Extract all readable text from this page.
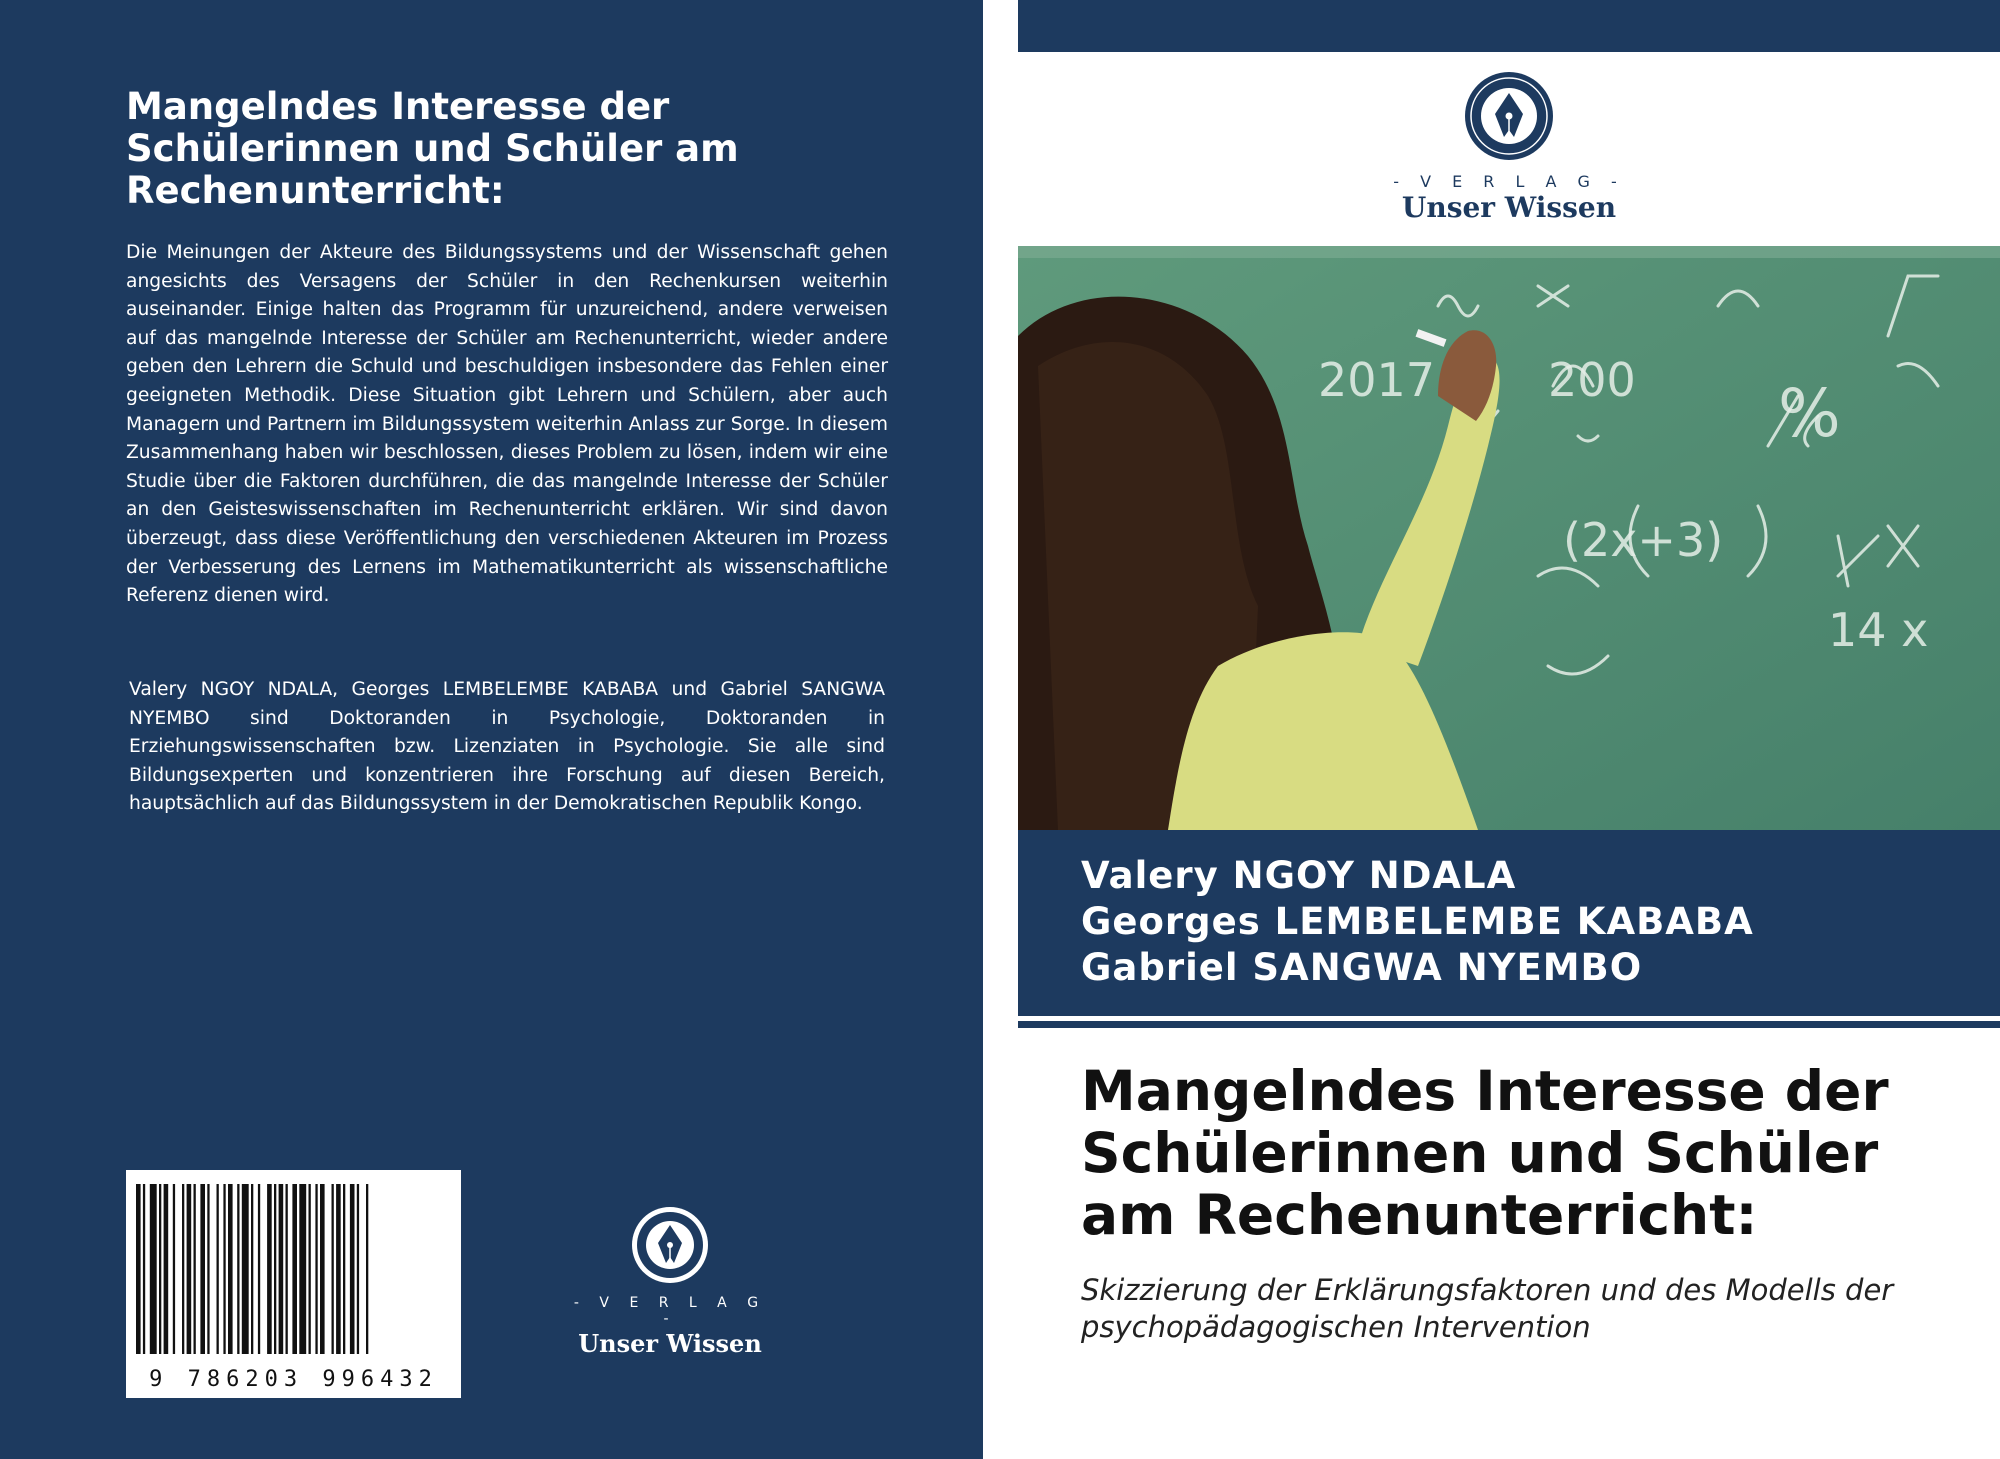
Mangelndes Interesse der Schülerinnen und Schüler am Rechenunterricht:

Die Meinungen der Akteure des Bildungssystems und der Wissenschaft gehen angesichts des Versagens der Schüler in den Rechenkursen weiterhin auseinander. Einige halten das Programm für unzureichend, andere verweisen auf das mangelnde Interesse der Schüler am Rechenunterricht, wieder andere geben den Lehrern die Schuld und beschuldigen insbesondere das Fehlen einer geeigneten Methodik. Diese Situation gibt Lehrern und Schülern, aber auch Managern und Partnern im Bildungssystem weiterhin Anlass zur Sorge. In diesem Zusammenhang haben wir beschlossen, dieses Problem zu lösen, indem wir eine Studie über die Faktoren durchführen, die das mangelnde Interesse der Schüler an den Geisteswissenschaften im Rechenunterricht erklären. Wir sind davon überzeugt, dass diese Veröffentlichung den verschiedenen Akteuren im Prozess der Verbesserung des Lernens im Mathematikunterricht als wissenschaftliche Referenz dienen wird.

Valery NGOY NDALA, Georges LEMBELEMBE KABABA und Gabriel SANGWA NYEMBO sind Doktoranden in Psychologie, Doktoranden in Erziehungswissenschaften bzw. Lizenziaten in Psychologie. Sie alle sind Bildungsexperten und konzentrieren ihre Forschung auf diesen Bereich, hauptsächlich auf das Bildungssystem in der Demokratischen Republik Kongo.

9 786203 996432
- V E R L A G -
Unser Wissen
- V E R L A G -
Unser Wissen
2017 200 %
(2x+3)
14 x
Valery NGOY NDALA
Georges LEMBELEMBE KABABA
Gabriel SANGWA NYEMBO
Mangelndes Interesse der Schülerinnen und Schüler am Rechenunterricht:

Skizzierung der Erklärungsfaktoren und des Modells der psychopädagogischen Intervention
